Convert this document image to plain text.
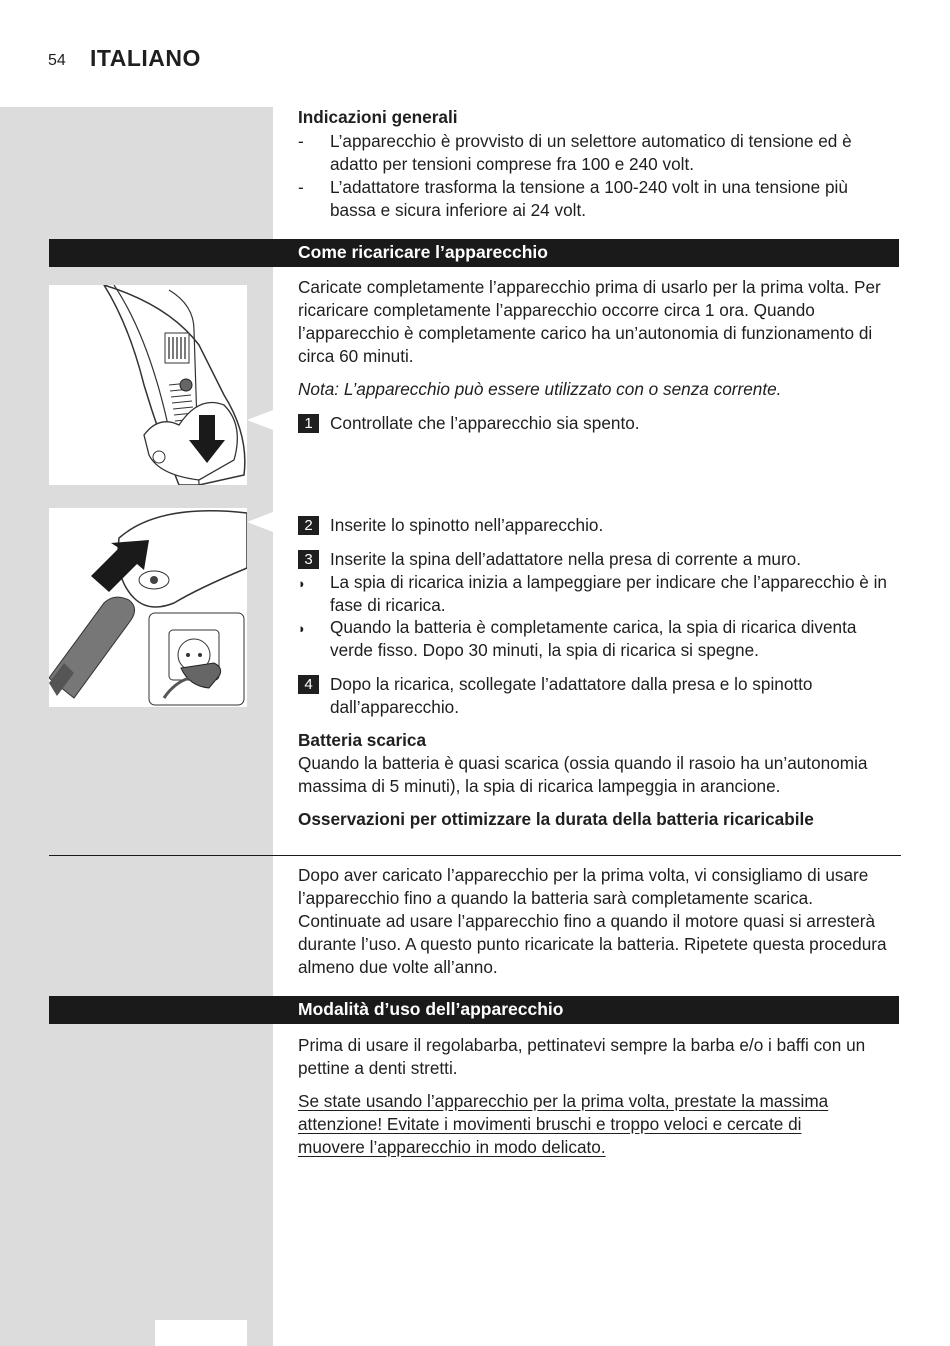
54 ITALIANO

Indicazioni generali

-	L’apparecchio è provvisto di un selettore automatico di tensione ed è adatto per tensioni comprese fra 100 e 240 volt.
-	L’adattatore trasforma la tensione a 100-240 volt in una tensione più bassa e sicura inferiore ai 24 volt.
Come ricaricare l’apparecchio

Caricate completamente l’apparecchio prima di usarlo per la prima volta. Per ricaricare completamente l’apparecchio occorre circa 1 ora. Quando l’apparecchio è completamente carico ha un’autonomia di funzionamento di circa 60 minuti.

Nota: L’apparecchio può essere utilizzato con o senza corrente.

1	Controllate che l’apparecchio sia spento.
2	Inserite lo spinotto nell’apparecchio.
3	Inserite la spina dell’adattatore nella presa di corrente a muro.
◗	La spia di ricarica inizia a lampeggiare per indicare che l’apparecchio è in fase di ricarica.
◗	Quando la batteria è completamente carica, la spia di ricarica diventa verde fisso. Dopo 30 minuti, la spia di ricarica si spegne.
4	Dopo la ricarica, scollegate l’adattatore dalla presa e lo spinotto dall’apparecchio.

Batteria scarica

Quando la batteria è quasi scarica (ossia quando il rasoio ha un’autonomia massima di 5 minuti), la spia di ricarica lampeggia in arancione.

Osservazioni per ottimizzare la durata della batteria ricaricabile

Dopo aver caricato l’apparecchio per la prima volta, vi consigliamo di usare l’apparecchio fino a quando la batteria sarà completamente scarica. Continuate ad usare l’apparecchio fino a quando il motore quasi si arresterà durante l’uso. A questo punto ricaricate la batteria. Ripetete questa procedura almeno due volte all’anno.

Modalità d’uso dell’apparecchio

Prima di usare il regolabarba, pettinatevi sempre la barba e/o i baffi con un pettine a denti stretti.

Se state usando l’apparecchio per la prima volta, prestate la massima attenzione! Evitate i movimenti bruschi e troppo veloci e cercate di muovere l’apparecchio in modo delicato.
